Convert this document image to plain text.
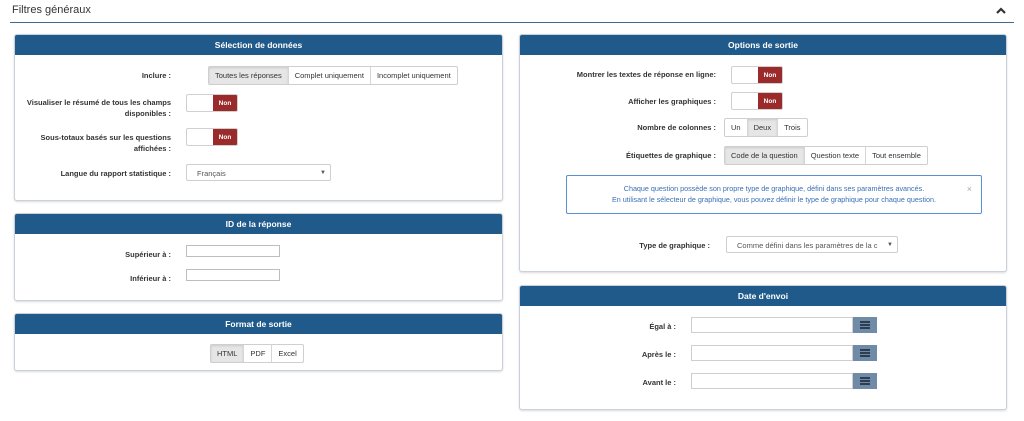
Filtres généraux
Sélection de données
Inclure :	Toutes les réponses	Complet uniquement	Incomplet uniquement
Visualiser le résumé de tous les champs
disponibles :
Non
Sous-totaux basés sur les questions
affichées :
Non
Langue du rapport statistique :	Français	▼
ID de la réponse
Supérieur à :
Inférieur à :
Format de sortie
HTML	PDF	Excel
Options de sortie
Montrer les textes de réponse en ligne:	Non
Afficher les graphiques :	Non
Nombre de colonnes :	Un	Deux	Trois
Étiquettes de graphique :	Code de la question	Question texte	Tout ensemble
Chaque question possède son propre type de graphique, défini dans ses paramètres avancés.
En utilisant le sélecteur de graphique, vous pouvez définir le type de graphique pour chaque question.
×
Type de graphique :	Comme défini dans les paramètres de la c ▼
Date d'envoi
Égal à :
Après le :
Avant le :
